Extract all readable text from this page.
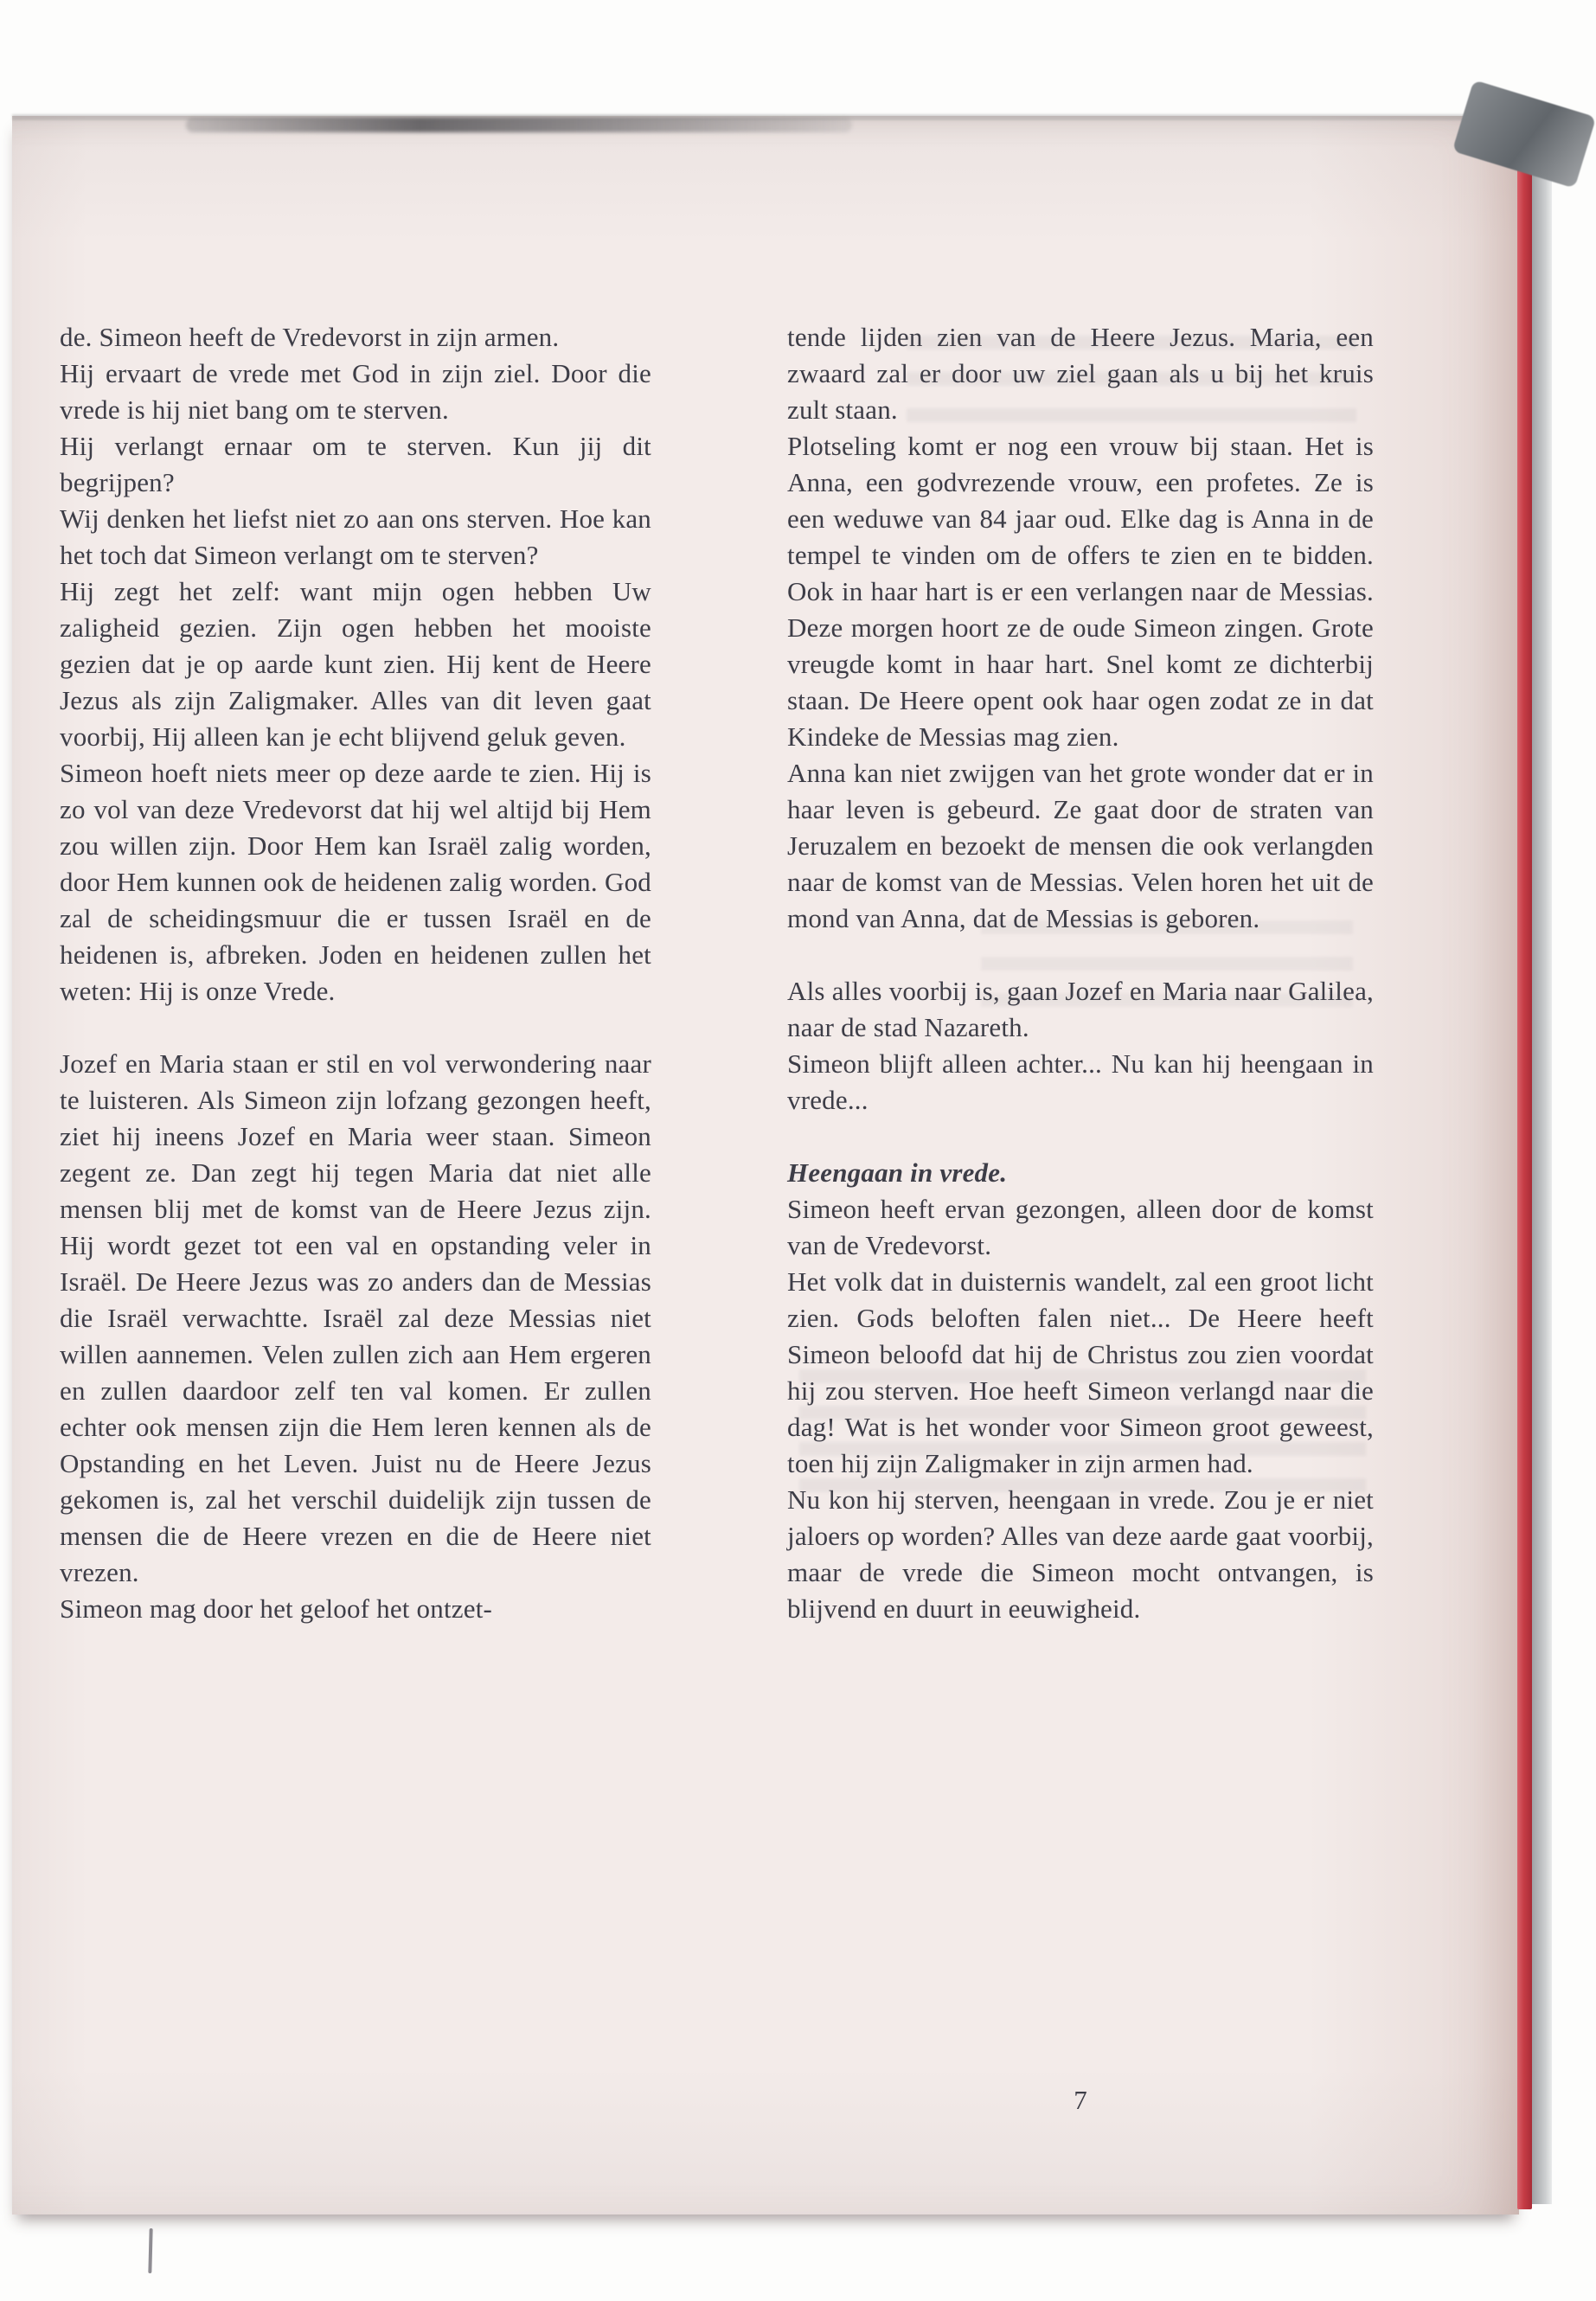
de. Simeon heeft de Vredevorst in zijn armen.

Hij ervaart de vrede met God in zijn ziel. Door die vrede is hij niet bang om te sterven.

Hij verlangt ernaar om te sterven. Kun jij dit begrijpen?

Wij denken het liefst niet zo aan ons sterven. Hoe kan het toch dat Simeon verlangt om te sterven?

Hij zegt het zelf: want mijn ogen hebben Uw zaligheid gezien. Zijn ogen hebben het mooiste gezien dat je op aarde kunt zien. Hij kent de Heere Jezus als zijn Zaligmaker. Alles van dit leven gaat voorbij, Hij alleen kan je echt blijvend geluk geven.

Simeon hoeft niets meer op deze aarde te zien. Hij is zo vol van deze Vredevorst dat hij wel altijd bij Hem zou willen zijn. Door Hem kan Israël zalig worden, door Hem kunnen ook de heidenen zalig worden. God zal de scheidingsmuur die er tussen Israël en de heidenen is, afbreken. Joden en heidenen zullen het weten: Hij is onze Vrede.

Jozef en Maria staan er stil en vol verwondering naar te luisteren. Als Simeon zijn lofzang gezongen heeft, ziet hij ineens Jozef en Maria weer staan. Simeon zegent ze. Dan zegt hij tegen Maria dat niet alle mensen blij met de komst van de Heere Jezus zijn. Hij wordt gezet tot een val en opstanding veler in Israël. De Heere Jezus was zo anders dan de Messias die Israël verwachtte. Israël zal deze Messias niet willen aannemen. Velen zullen zich aan Hem ergeren en zullen daardoor zelf ten val komen. Er zullen echter ook mensen zijn die Hem leren kennen als de Opstanding en het Leven. Juist nu de Heere Jezus gekomen is, zal het verschil duidelijk zijn tussen de mensen die de Heere vrezen en die de Heere niet vrezen.

Simeon mag door het geloof het ontzet-

tende lijden zien van de Heere Jezus. Maria, een zwaard zal er door uw ziel gaan als u bij het kruis zult staan.

Plotseling komt er nog een vrouw bij staan. Het is Anna, een godvrezende vrouw, een profetes. Ze is een weduwe van 84 jaar oud. Elke dag is Anna in de tempel te vinden om de offers te zien en te bidden. Ook in haar hart is er een verlangen naar de Messias. Deze morgen hoort ze de oude Simeon zingen. Grote vreugde komt in haar hart. Snel komt ze dichterbij staan. De Heere opent ook haar ogen zodat ze in dat Kindeke de Messias mag zien.

Anna kan niet zwijgen van het grote wonder dat er in haar leven is gebeurd. Ze gaat door de straten van Jeruzalem en bezoekt de mensen die ook verlangden naar de komst van de Messias. Velen horen het uit de mond van Anna, dat de Messias is geboren.

Als alles voorbij is, gaan Jozef en Maria naar Galilea, naar de stad Nazareth.

Simeon blijft alleen achter... Nu kan hij heengaan in vrede...

Heengaan in vrede.

Simeon heeft ervan gezongen, alleen door de komst van de Vredevorst.

Het volk dat in duisternis wandelt, zal een groot licht zien. Gods beloften falen niet... De Heere heeft Simeon beloofd dat hij de Christus zou zien voordat hij zou sterven. Hoe heeft Simeon verlangd naar die dag! Wat is het wonder voor Simeon groot geweest, toen hij zijn Zaligmaker in zijn armen had.

Nu kon hij sterven, heengaan in vrede. Zou je er niet jaloers op worden? Alles van deze aarde gaat voorbij, maar de vrede die Simeon mocht ontvangen, is blijvend en duurt in eeuwigheid.

7
